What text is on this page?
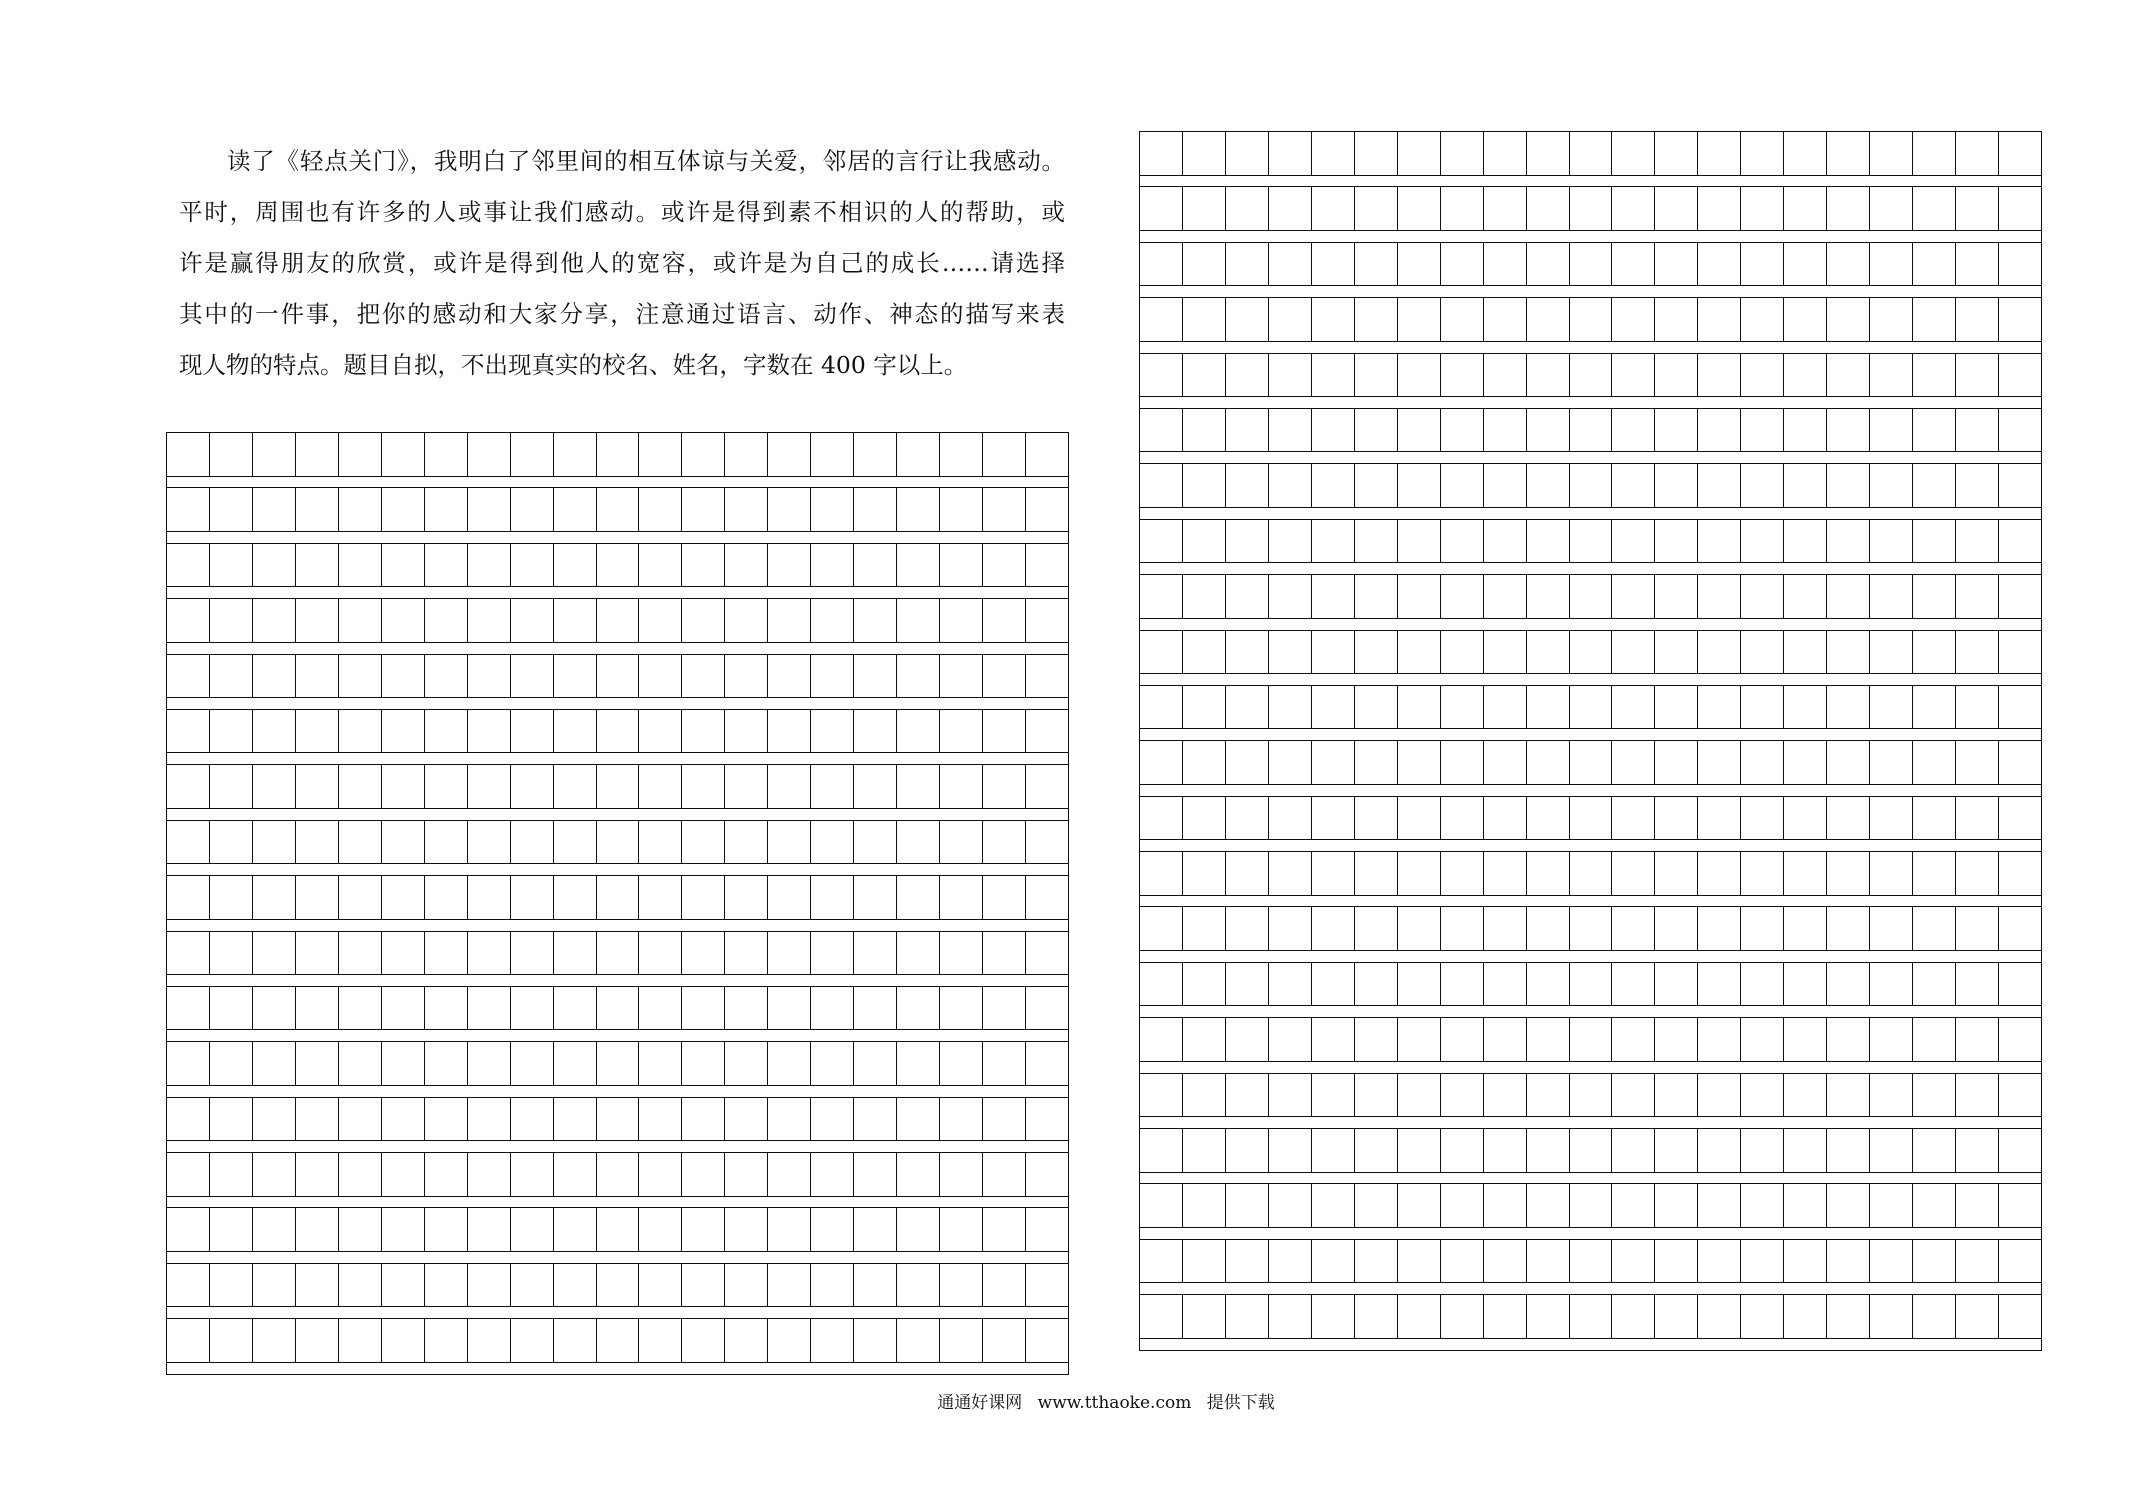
读了《轻点关门》，我明白了邻里间的相互体谅与关爱，邻居的言行让我感动。
平时，周围也有许多的人或事让我们感动。或许是得到素不相识的人的帮助，或
许是赢得朋友的欣赏，或许是得到他人的宽容，或许是为自己的成长……请选择
其中的一件事，把你的感动和大家分享，注意通过语言、动作、神态的描写来表
现人物的特点。题目自拟，不出现真实的校名、姓名，字数在 400 字以上。
通通好课网 www.tthaoke.com 提供下载
